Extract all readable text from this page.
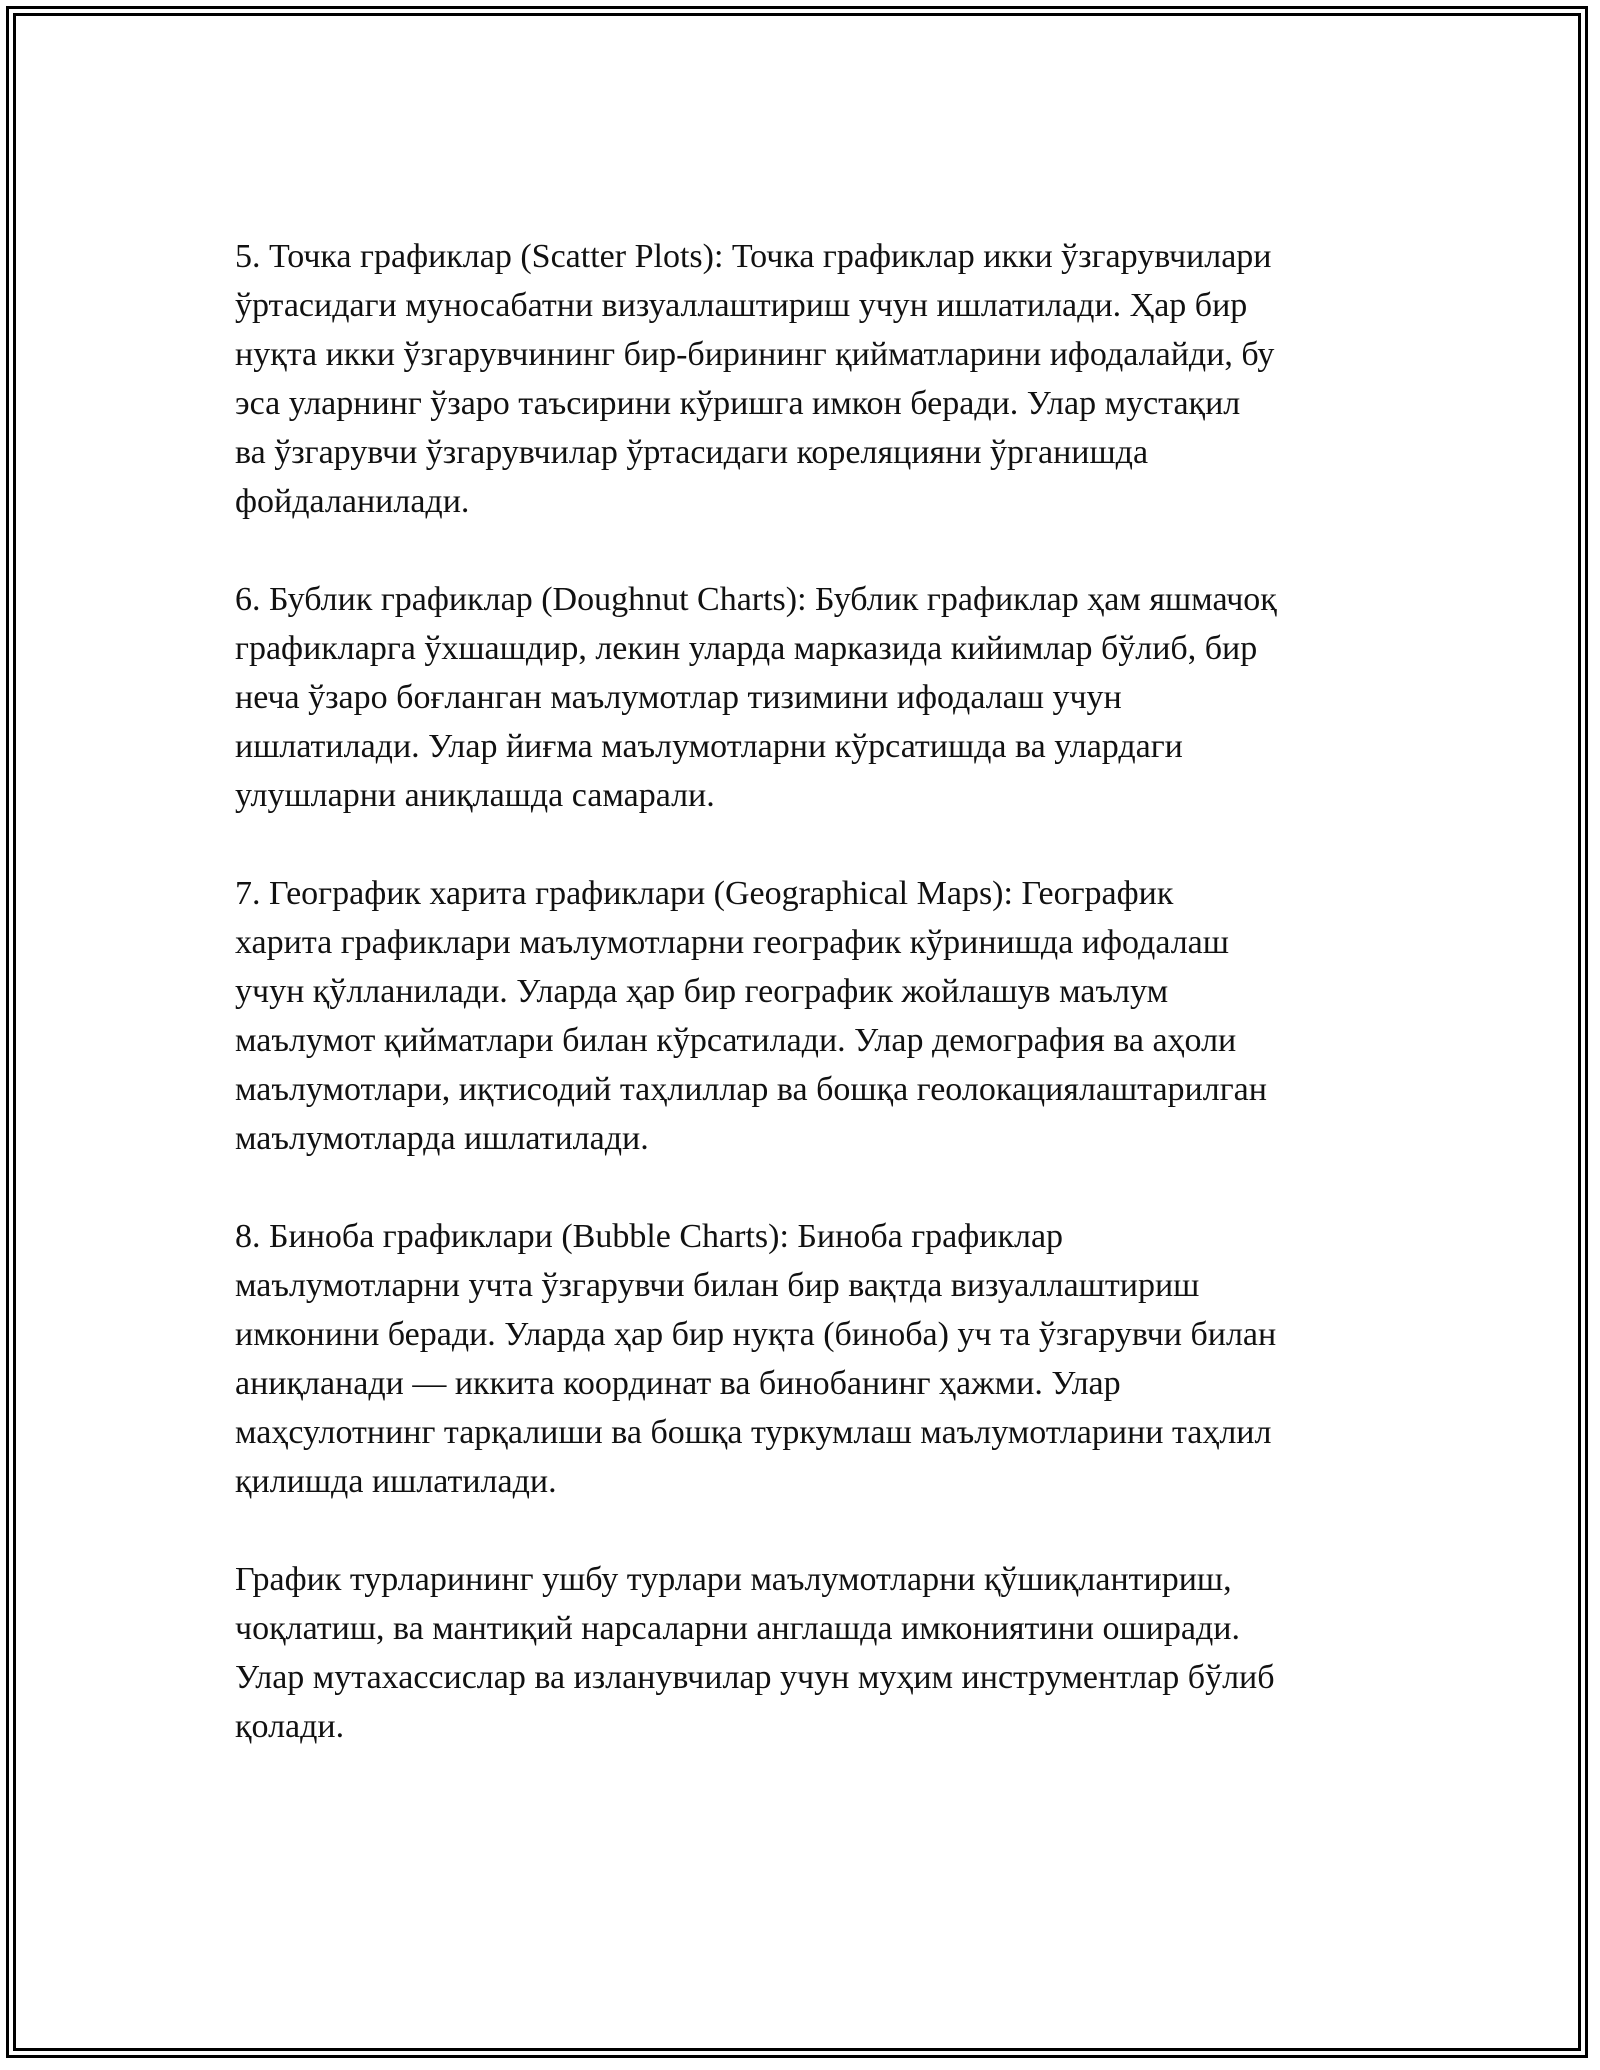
5. Точка графиклар (Scatter Plots): Точка графиклар икки ўзгарувчилари
ўртасидаги муносабатни визуаллаштириш учун ишлатилади. Ҳар бир
нуқта икки ўзгарувчининг бир-бирининг қийматларини ифодалайди, бу
эса уларнинг ўзаро таъсирини кўришга имкон беради. Улар мустақил
ва ўзгарувчи ўзгарувчилар ўртасидаги кореляцияни ўрганишда
фойдаланилади.

6. Бублик графиклар (Doughnut Charts): Бублик графиклар ҳам яшмачоқ
графикларга ўхшашдир, лекин уларда марказида кийимлар бўлиб, бир
неча ўзаро боғланган маълумотлар тизимини ифодалаш учун
ишлатилади. Улар йиғма маълумотларни кўрсатишда ва улардаги
улушларни аниқлашда самарали.

7. Географик харита графиклари (Geographical Maps): Географик
харита графиклари маълумотларни географик кўринишда ифодалаш
учун қўлланилади. Уларда ҳар бир географик жойлашув маълум
маълумот қийматлари билан кўрсатилади. Улар демография ва аҳоли
маълумотлари, иқтисодий таҳлиллар ва бошқа геолокациялаштарилган
маълумотларда ишлатилади.

8. Бинοба графиклари (Bubble Charts): Бинοба графиклар
маълумотларни учта ўзгарувчи билан бир вақтда визуаллаштириш
имконини беради. Уларда ҳар бир нуқта (бинοба) уч та ўзгарувчи билан
аниқланади — иккита координат ва бинοбанинг ҳажми. Улар
маҳсулотнинг тарқалиши ва бошқа туркумлаш маълумотларини таҳлил
қилишда ишлатилади.

График турларининг ушбу турлари маълумотларни қўшиқлантириш,
чоқлатиш, ва мантиқий нарсаларни англашда имкониятини оширади.
Улар мутахассислар ва изланувчилар учун муҳим инструментлар бўлиб
қолади.
